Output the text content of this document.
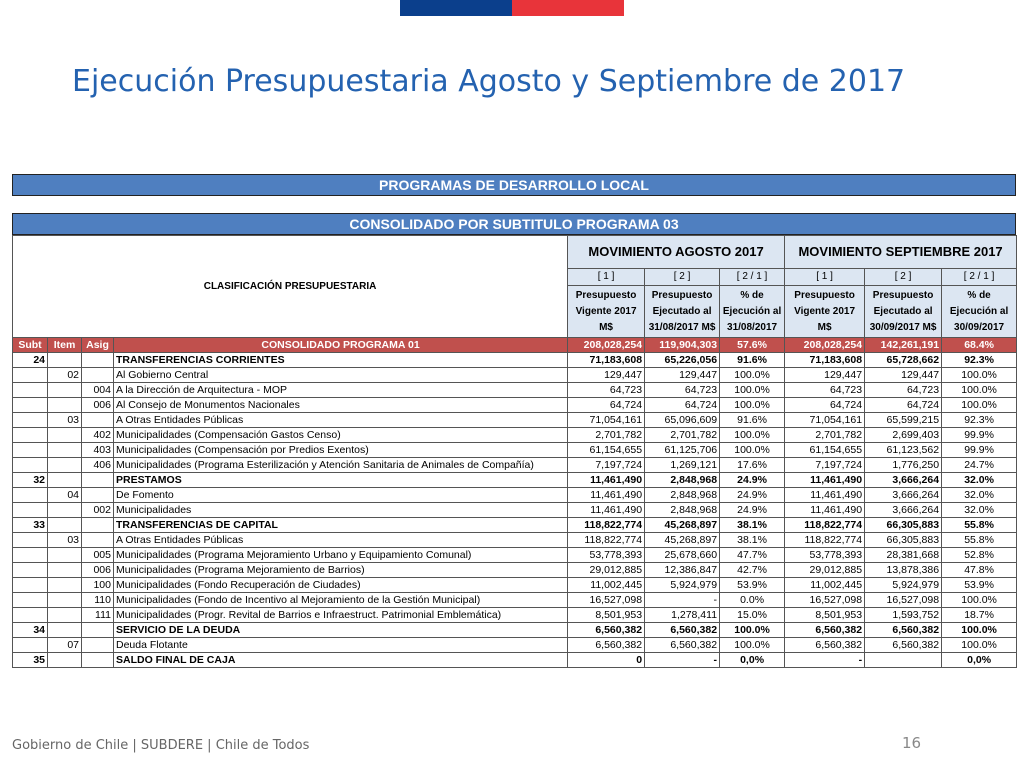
Ejecución Presupuestaria Agosto y Septiembre de 2017
PROGRAMAS DE DESARROLLO LOCAL
CONSOLIDADO POR SUBTITULO PROGRAMA 03
CLASIFICACIÓN PRESUPUESTARIA				MOVIMIENTO AGOSTO 2017			MOVIMIENTO SEPTIEMBRE 2017		
				[ 1 ]	[ 2 ]	[ 2 / 1 ]	[ 1 ]	[ 2 ]	[ 2 / 1 ]
				Presupuesto Vigente 2017 M$	Presupuesto Ejecutado al 31/08/2017 M$	% de Ejecución al 31/08/2017	Presupuesto Vigente 2017 M$	Presupuesto Ejecutado al 30/09/2017 M$	% de Ejecución al 30/09/2017
Subt	Item	Asig	CONSOLIDADO PROGRAMA 01	208,028,254	119,904,303	57.6%	208,028,254	142,261,191	68.4%
24			TRANSFERENCIAS CORRIENTES	71,183,608	65,226,056	91.6%	71,183,608	65,728,662	92.3%
	02		Al Gobierno Central	129,447	129,447	100.0%	129,447	129,447	100.0%
		004	A la Dirección de Arquitectura - MOP	64,723	64,723	100.0%	64,723	64,723	100.0%
		006	Al Consejo de Monumentos Nacionales	64,724	64,724	100.0%	64,724	64,724	100.0%
	03		A Otras Entidades Públicas	71,054,161	65,096,609	91.6%	71,054,161	65,599,215	92.3%
		402	Municipalidades (Compensación Gastos Censo)	2,701,782	2,701,782	100.0%	2,701,782	2,699,403	99.9%
		403	Municipalidades (Compensación por Predios Exentos)	61,154,655	61,125,706	100.0%	61,154,655	61,123,562	99.9%
		406	Municipalidades (Programa Esterilización y Atención Sanitaria de Animales de Compañía)	7,197,724	1,269,121	17.6%	7,197,724	1,776,250	24.7%
32			PRESTAMOS	11,461,490	2,848,968	24.9%	11,461,490	3,666,264	32.0%
	04		De Fomento	11,461,490	2,848,968	24.9%	11,461,490	3,666,264	32.0%
		002	Municipalidades	11,461,490	2,848,968	24.9%	11,461,490	3,666,264	32.0%
33			TRANSFERENCIAS DE CAPITAL	118,822,774	45,268,897	38.1%	118,822,774	66,305,883	55.8%
	03		A Otras Entidades Públicas	118,822,774	45,268,897	38.1%	118,822,774	66,305,883	55.8%
		005	Municipalidades (Programa Mejoramiento Urbano y Equipamiento Comunal)	53,778,393	25,678,660	47.7%	53,778,393	28,381,668	52.8%
		006	Municipalidades (Programa Mejoramiento de Barrios)	29,012,885	12,386,847	42.7%	29,012,885	13,878,386	47.8%
		100	Municipalidades (Fondo Recuperación de Ciudades)	11,002,445	5,924,979	53.9%	11,002,445	5,924,979	53.9%
		110	Municipalidades (Fondo de Incentivo al Mejoramiento de la Gestión Municipal)	16,527,098	-	0.0%	16,527,098	16,527,098	100.0%
		111	Municipalidades (Progr. Revital de Barrios e Infraestruct. Patrimonial Emblemática)	8,501,953	1,278,411	15.0%	8,501,953	1,593,752	18.7%
34			SERVICIO DE LA DEUDA	6,560,382	6,560,382	100.0%	6,560,382	6,560,382	100.0%
	07		Deuda Flotante	6,560,382	6,560,382	100.0%	6,560,382	6,560,382	100.0%
35			SALDO FINAL DE CAJA	0	-	0,0%	-		0,0%
Gobierno de Chile | SUBDERE | Chile de Todos	16
